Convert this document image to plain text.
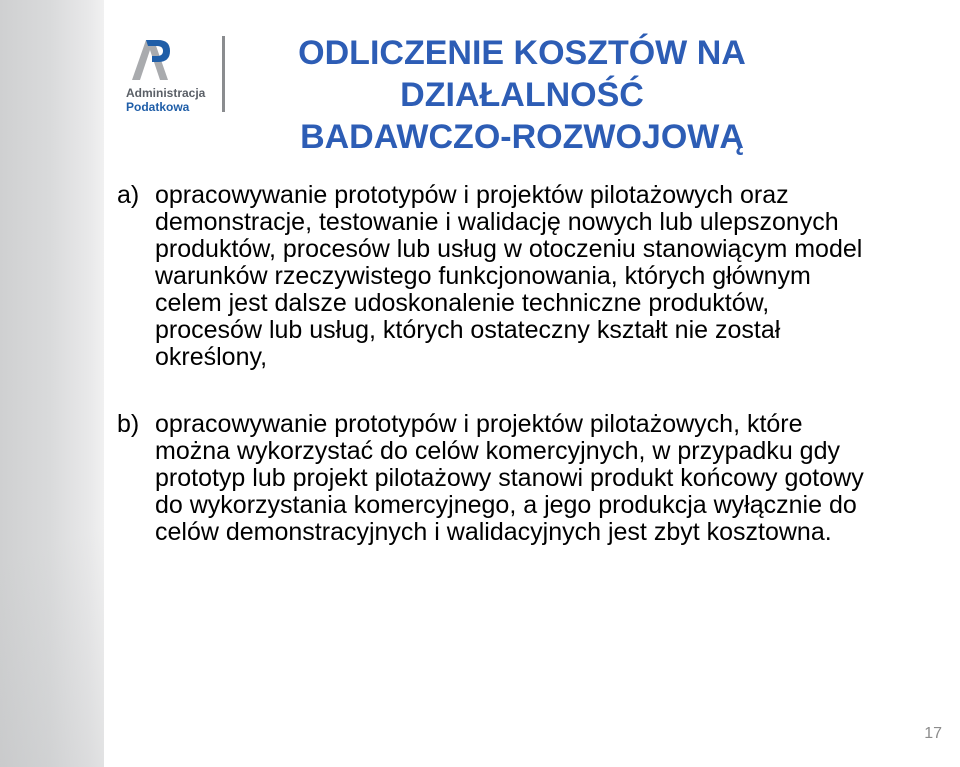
Administracja
Podatkowa
ODLICZENIE KOSZTÓW NA
DZIAŁALNOŚĆ
BADAWCZO-ROZWOJOWĄ
a) opracowywanie prototypów i projektów pilotażowych oraz
demonstracje, testowanie i walidację nowych lub ulepszonych
produktów, procesów lub usług w otoczeniu stanowiącym model
warunków rzeczywistego funkcjonowania, których głównym
celem jest dalsze udoskonalenie techniczne produktów,
procesów lub usług, których ostateczny kształt nie został
określony,
b) opracowywanie prototypów i projektów pilotażowych, które
można wykorzystać do celów komercyjnych, w przypadku gdy
prototyp lub projekt pilotażowy stanowi produkt końcowy gotowy
do wykorzystania komercyjnego, a jego produkcja wyłącznie do
celów demonstracyjnych i walidacyjnych jest zbyt kosztowna.
17
